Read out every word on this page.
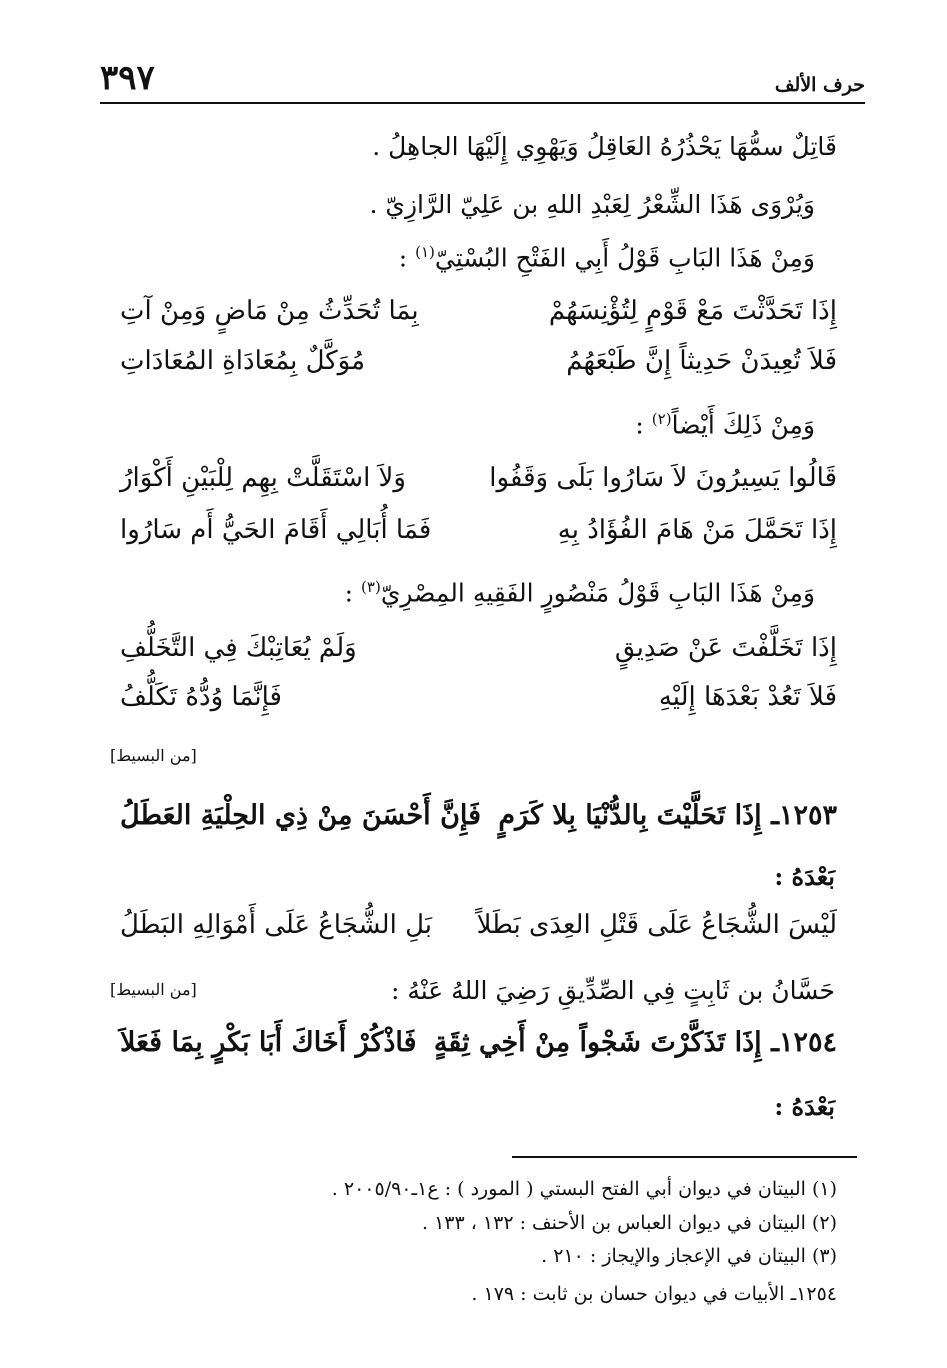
٣٩٧	حرف الألف
قَاتِلٌ سمُّهَا يَحْذُرُهُ العَاقِلُ وَيَهْوِي إِلَيْهَا الجاهِلُ .
وَيُرْوَى هَذَا الشِّعْرُ لِعَبْدِ اللهِ بن عَلِيّ الرَّازِيّ .
وَمِنْ هَذَا البَابِ قَوْلُ أَبِي الفَتْحِ البُسْتِيّ$^{(١)}$ :
إِذَا تَحَدَّثْتَ مَعْ قَوْمٍ لِتُؤْنِسَهُمْ
بِمَا تُحَدِّثُ مِنْ مَاضٍ وَمِنْ آتِ
فَلاَ تُعِيدَنْ حَدِيثاً إِنَّ طَبْعَهُمُ
مُوَكَّلٌ بِمُعَادَاةِ المُعَادَاتِ
وَمِنْ ذَلِكَ أَيْضاً$^{(٢)}$ :
قَالُوا يَسِيرُونَ لاَ سَارُوا بَلَى وَقَفُوا
وَلاَ اسْتَقَلَّتْ بِهِم لِلْبَيْنِ أَكْوَارُ
إِذَا تَحَمَّلَ مَنْ هَامَ الفُؤَادُ بِهِ
فَمَا أُبَالِي أَقَامَ الحَيُّ أَم سَارُوا
وَمِنْ هَذَا البَابِ قَوْلُ مَنْصُورٍ الفَقِيهِ المِصْرِيّ$^{(٣)}$ :
إِذَا تَخَلَّفْتَ عَنْ صَدِيقٍ
وَلَمْ يُعَاتِبْكَ فِي التَّخَلُّفِ
فَلاَ تَعُدْ بَعْدَهَا إِلَيْهِ
فَإِنَّمَا وُدُّهُ تَكَلُّفُ
[من البسيط]
١٢٥٣ـ إِذَا تَحَلَّيْتَ بِالدُّنْيَا بِلا كَرَمٍ
فَإِنَّ أَحْسَنَ مِنْ ذِي الحِلْيَةِ العَطَلُ
بَعْدَهُ :
لَيْسَ الشُّجَاعُ عَلَى قَتْلِ العِدَى بَطَلاً
بَلِ الشُّجَاعُ عَلَى أَمْوَالِهِ البَطَلُ
حَسَّانُ بن ثَابِتٍ فِي الصِّدِّيقِ رَضِيَ اللهُ عَنْهُ :
[من البسيط]
١٢٥٤ـ إِذَا تَذَكَّرْتَ شَجْواً مِنْ أَخِي ثِقَةٍ
فَاذْكُرْ أَخَاكَ أَبَا بَكْرٍ بِمَا فَعَلاَ
بَعْدَهُ :
(١) البيتان في ديوان أبي الفتح البستي ( المورد ) : ع١ـ٢٠٠٥/٩٠ .
(٢) البيتان في ديوان العباس بن الأحنف : ١٣٢ ، ١٣٣ .
(٣) البيتان في الإعجاز والإيجاز : ٢١٠ .
١٢٥٤ـ الأبيات في ديوان حسان بن ثابت : ١٧٩ .
